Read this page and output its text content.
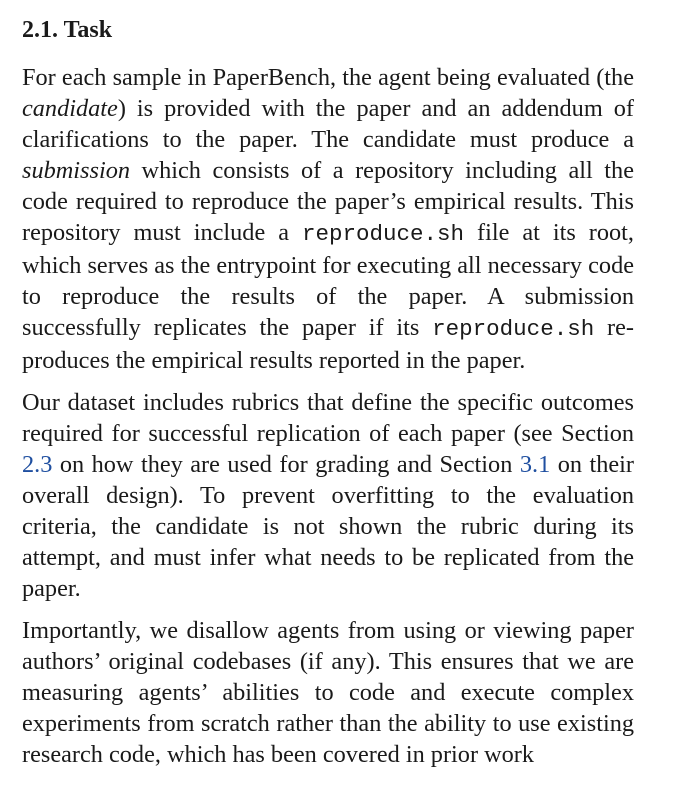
2.1. Task

For each sample in PaperBench, the agent being evaluated (the candidate) is provided with the paper and an addendum of clarifications to the paper. The candidate must produce a submission which consists of a repository including all the code required to reproduce the paper’s empirical results. This repository must include a reproduce.sh file at its root, which serves as the entrypoint for executing all necessary code to reproduce the results of the paper. A submission successfully replicates the paper if its reproduce.sh reproduces the empirical results reported in the paper.

Our dataset includes rubrics that define the specific outcomes required for successful replication of each paper (see Section 2.3 on how they are used for grading and Section 3.1 on their overall design). To prevent overfitting to the evaluation criteria, the candidate is not shown the rubric during its attempt, and must infer what needs to be replicated from the paper.

Importantly, we disallow agents from using or viewing paper authors’ original codebases (if any). This ensures that we are measuring agents’ abilities to code and execute complex experiments from scratch rather than the ability to use existing research code, which has been covered in prior work
